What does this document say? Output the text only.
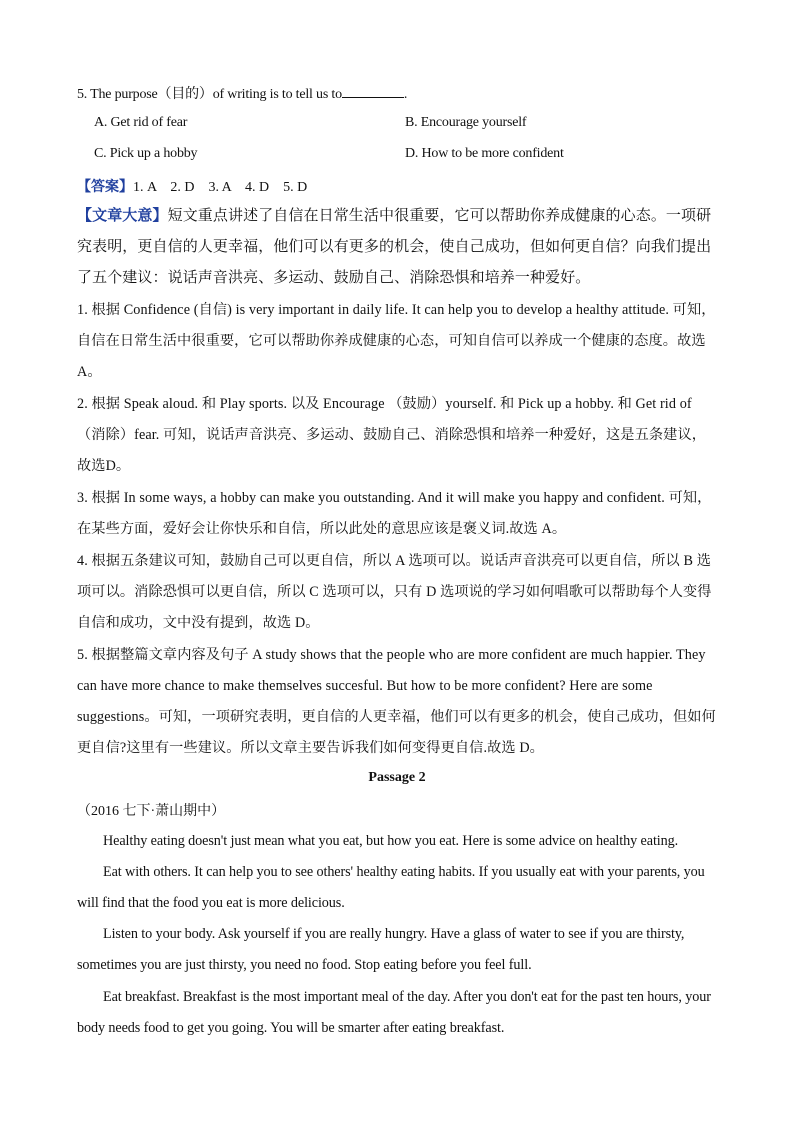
5. The purpose（目的）of writing is to tell us to	.
A. Get rid of fear	B. Encourage yourself
C. Pick up a hobby	D. How to be more confident
【答案】1. A　2. D　3. A　4. D　5. D
【文章大意】短文重点讲述了自信在日常生活中很重要，它可以帮助你养成健康的心态。一项研究表明，更自信的人更幸福，他们可以有更多的机会，使自己成功，但如何更自信？向我们提出了五个建议：说话声音洪亮、多运动、鼓励自己、消除恐惧和培养一种爱好。
1. 根据 Confidence (自信) is very important in daily life. It can help you to develop a healthy attitude. 可知，自信在日常生活中很重要，它可以帮助你养成健康的心态，可知自信可以养成一个健康的态度。故选A。
2. 根据 Speak aloud. 和 Play sports. 以及 Encourage （鼓励）yourself. 和 Pick up a hobby. 和 Get rid of（消除）fear. 可知，说话声音洪亮、多运动、鼓励自己、消除恐惧和培养一种爱好，这是五条建议，故选D。
3. 根据 In some ways, a hobby can make you outstanding. And it will make you happy and confident. 可知，在某些方面，爱好会让你快乐和自信，所以此处的意思应该是褒义词.故选 A。
4. 根据五条建议可知，鼓励自己可以更自信，所以 A 选项可以。说话声音洪亮可以更自信，所以 B 选项可以。消除恐惧可以更自信，所以 C 选项可以，只有 D 选项说的学习如何唱歌可以帮助每个人变得自信和成功，文中没有提到，故选 D。
5. 根据整篇文章内容及句子 A study shows that the people who are more confident are much happier. They can have more chance to make themselves succesful. But how to be more confident? Here are some suggestions。可知，一项研究表明，更自信的人更幸福，他们可以有更多的机会，使自己成功，但如何更自信?这里有一些建议。所以文章主要告诉我们如何变得更自信.故选 D。
Passage 2
（2016 七下·萧山期中）
Healthy eating doesn't just mean what you eat, but how you eat. Here is some advice on healthy eating.
Eat with others. It can help you to see others' healthy eating habits. If you usually eat with your parents, you will find that the food you eat is more delicious.
Listen to your body. Ask yourself if you are really hungry. Have a glass of water to see if you are thirsty, sometimes you are just thirsty, you need no food. Stop eating before you feel full.
Eat breakfast. Breakfast is the most important meal of the day. After you don't eat for the past ten hours, your body needs food to get you going. You will be smarter after eating breakfast.
